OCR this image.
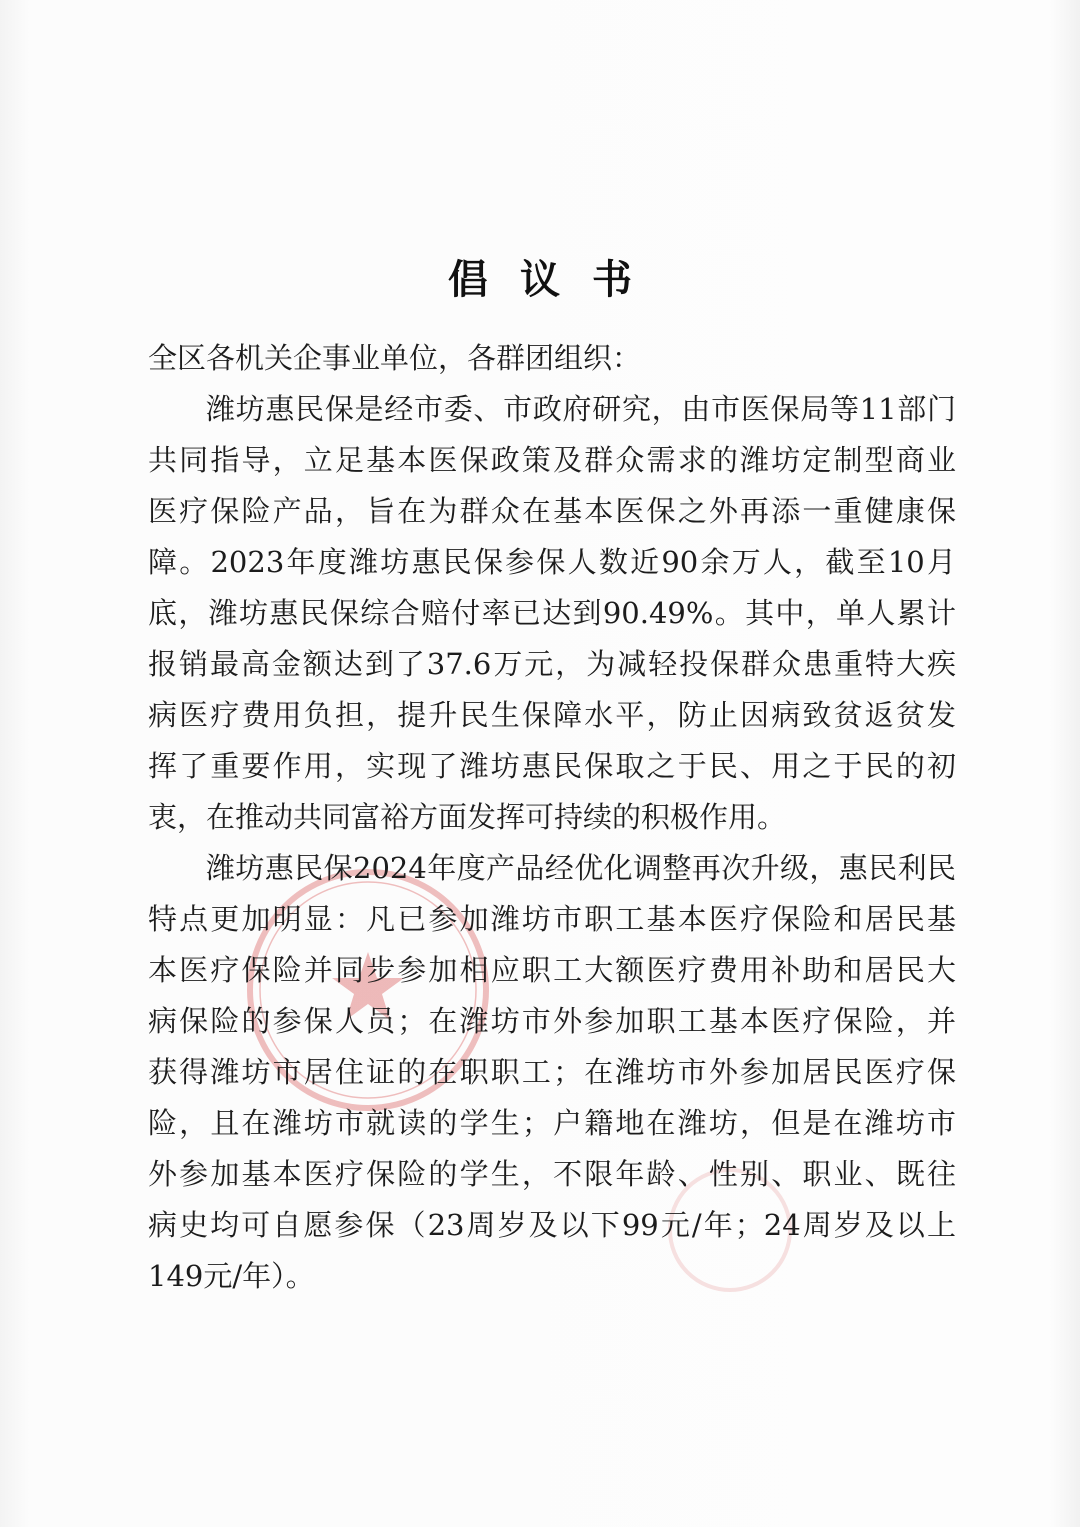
倡议书
全区各机关企事业单位，各群团组织：
潍坊惠民保是经市委、市政府研究，由市医保局等11部门
共同指导，立足基本医保政策及群众需求的潍坊定制型商业
医疗保险产品，旨在为群众在基本医保之外再添一重健康保
障。2023年度潍坊惠民保参保人数近90余万人，截至10月
底，潍坊惠民保综合赔付率已达到90.49%。其中，单人累计
报销最高金额达到了37.6万元，为减轻投保群众患重特大疾
病医疗费用负担，提升民生保障水平，防止因病致贫返贫发
挥了重要作用，实现了潍坊惠民保取之于民、用之于民的初
衷，在推动共同富裕方面发挥可持续的积极作用。
潍坊惠民保2024年度产品经优化调整再次升级，惠民利民
特点更加明显：凡已参加潍坊市职工基本医疗保险和居民基
本医疗保险并同步参加相应职工大额医疗费用补助和居民大
病保险的参保人员；在潍坊市外参加职工基本医疗保险，并
获得潍坊市居住证的在职职工；在潍坊市外参加居民医疗保
险，且在潍坊市就读的学生；户籍地在潍坊，但是在潍坊市
外参加基本医疗保险的学生，不限年龄、性别、职业、既往
病史均可自愿参保（23周岁及以下99元/年；24周岁及以上
149元/年）。
